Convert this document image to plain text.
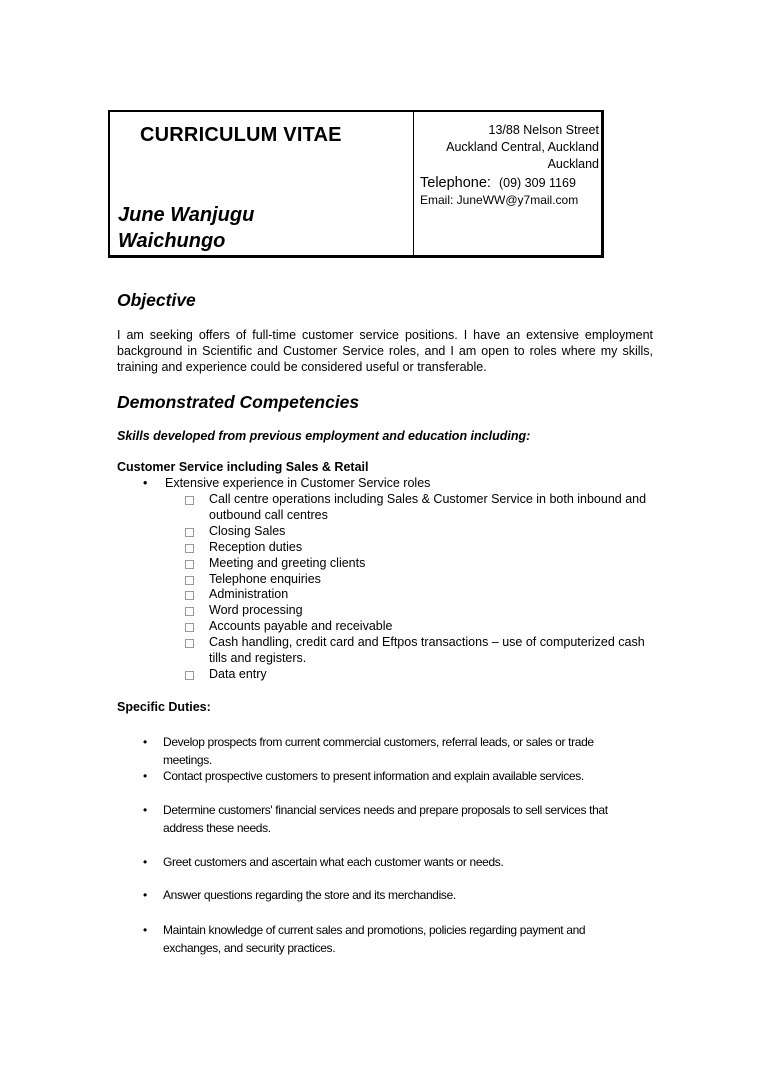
CURRICULUM VITAE
June Wanjugu
Waichungo
13/88 Nelson Street
Auckland Central, Auckland
Auckland
Telephone: (09) 309 1169
Email: JuneWW@y7mail.com
Objective
I am seeking offers of full-time customer service positions. I have an extensive employment background in Scientific and Customer Service roles, and I am open to roles where my skills, training and experience could be considered useful or transferable.
Demonstrated Competencies
Skills developed from previous employment and education including:
Customer Service including Sales & Retail
• Extensive experience in Customer Service roles
Call centre operations including Sales & Customer Service in both inbound and outbound call centres
Closing Sales
Reception duties
Meeting and greeting clients
Telephone enquiries
Administration
Word processing
Accounts payable and receivable
Cash handling, credit card and Eftpos transactions – use of computerized cash tills and registers.
Data entry
Specific Duties:
• Develop prospects from current commercial customers, referral leads, or sales or trade meetings.
• Contact prospective customers to present information and explain available services.
• Determine customers' financial services needs and prepare proposals to sell services that address these needs.
• Greet customers and ascertain what each customer wants or needs.
• Answer questions regarding the store and its merchandise.
• Maintain knowledge of current sales and promotions, policies regarding payment and exchanges, and security practices.
